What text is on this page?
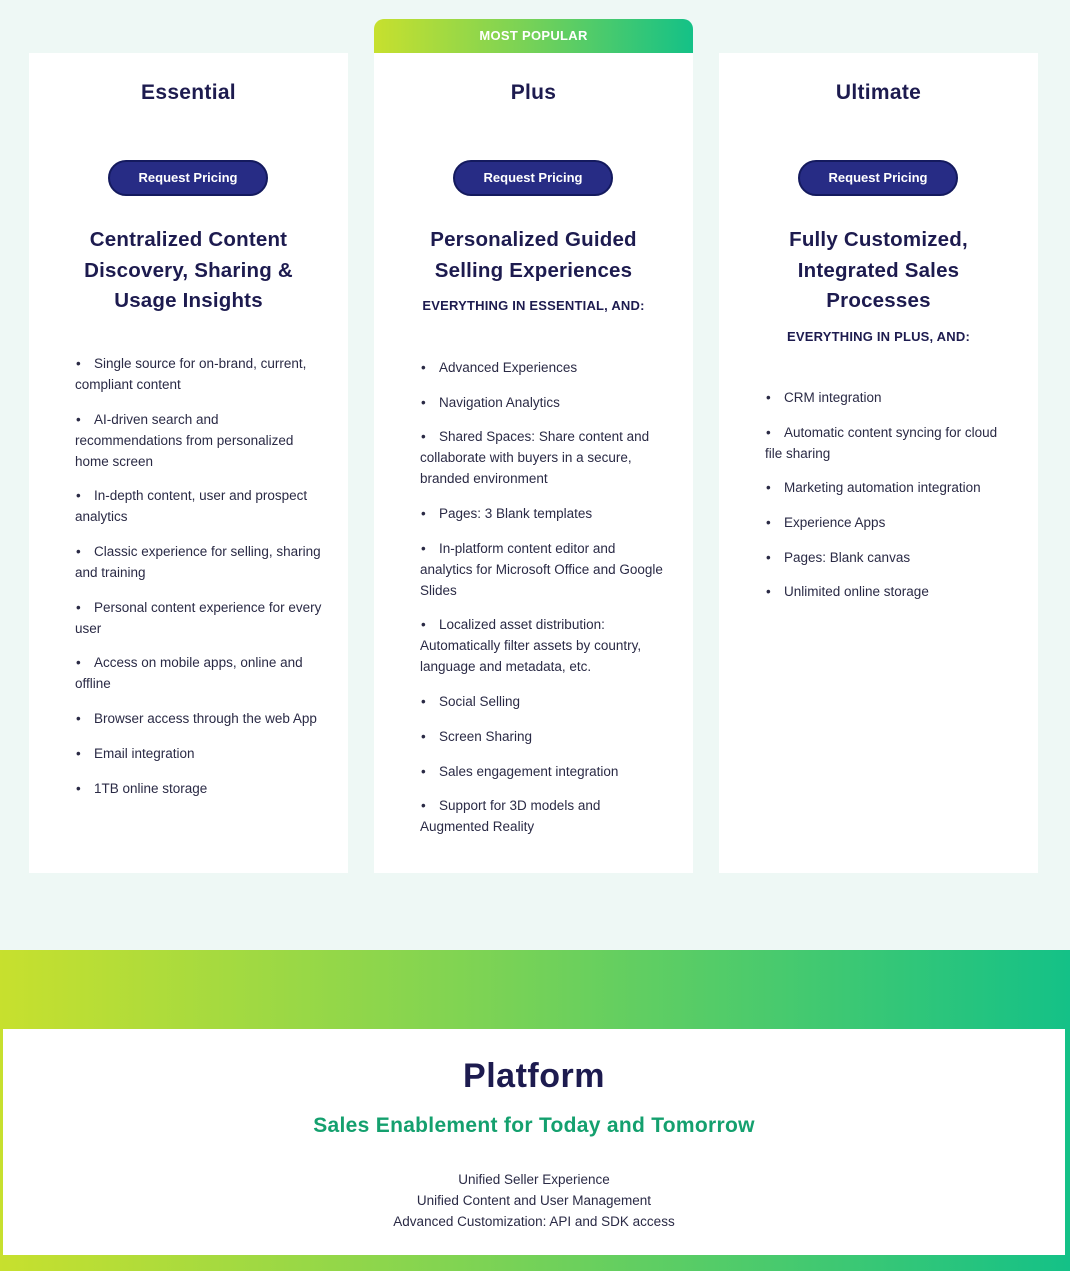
MOST POPULAR
Essential
Request Pricing
Centralized Content Discovery, Sharing & Usage Insights
• Single source for on-brand, current, compliant content
• AI-driven search and recommendations from personalized home screen
• In-depth content, user and prospect analytics
• Classic experience for selling, sharing and training
• Personal content experience for every user
• Access on mobile apps, online and offline
• Browser access through the web App
• Email integration
• 1TB online storage
Plus
Request Pricing
Personalized Guided Selling Experiences
EVERYTHING IN ESSENTIAL, AND:
• Advanced Experiences
• Navigation Analytics
• Shared Spaces: Share content and collaborate with buyers in a secure, branded environment
• Pages: 3 Blank templates
• In-platform content editor and analytics for Microsoft Office and Google Slides
• Localized asset distribution: Automatically filter assets by country, language and metadata, etc.
• Social Selling
• Screen Sharing
• Sales engagement integration
• Support for 3D models and Augmented Reality
Ultimate
Request Pricing
Fully Customized, Integrated Sales Processes
EVERYTHING IN PLUS, AND:
• CRM integration
• Automatic content syncing for cloud file sharing
• Marketing automation integration
• Experience Apps
• Pages: Blank canvas
• Unlimited online storage
Platform
Sales Enablement for Today and Tomorrow
Unified Seller Experience
Unified Content and User Management
Advanced Customization: API and SDK access
